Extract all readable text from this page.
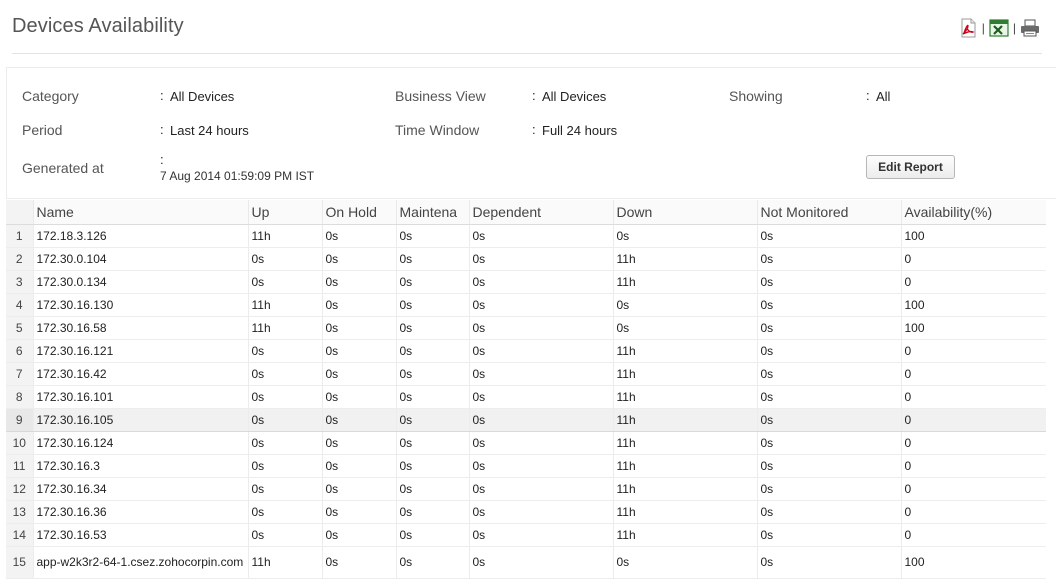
Devices Availability	| |
Category	: All Devices	Business View	: All Devices	Showing	: All
Period	: Last 24 hours	Time Window	: Full 24 hours
Generated at
:
7 Aug 2014 01:59:09 PM IST
Edit Report
	Name	Up	On Hold	Maintena	Dependent	Down	Not Monitored	Availability(%)
1	172.18.3.126	11h	0s	0s	0s	0s	0s	100
2	172.30.0.104	0s	0s	0s	0s	11h	0s	0
3	172.30.0.134	0s	0s	0s	0s	11h	0s	0
4	172.30.16.130	11h	0s	0s	0s	0s	0s	100
5	172.30.16.58	11h	0s	0s	0s	0s	0s	100
6	172.30.16.121	0s	0s	0s	0s	11h	0s	0
7	172.30.16.42	0s	0s	0s	0s	11h	0s	0
8	172.30.16.101	0s	0s	0s	0s	11h	0s	0
9	172.30.16.105	0s	0s	0s	0s	11h	0s	0
10	172.30.16.124	0s	0s	0s	0s	11h	0s	0
11	172.30.16.3	0s	0s	0s	0s	11h	0s	0
12	172.30.16.34	0s	0s	0s	0s	11h	0s	0
13	172.30.16.36	0s	0s	0s	0s	11h	0s	0
14	172.30.16.53	0s	0s	0s	0s	11h	0s	0
15	app-w2k3r2-64-1.csez.zohocorpin.com	11h	0s	0s	0s	0s	0s	100
